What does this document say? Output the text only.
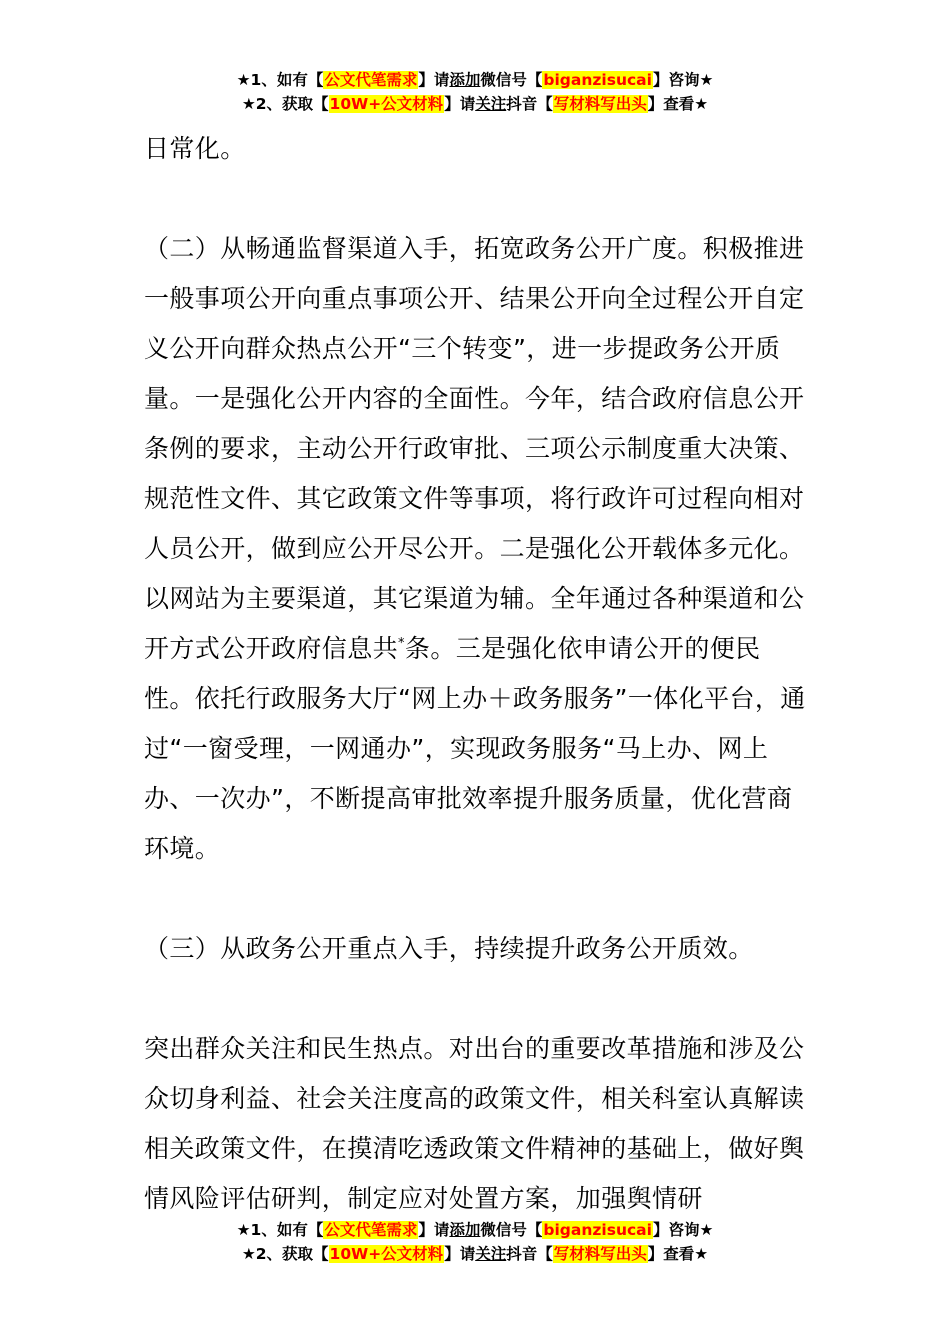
★1、如有【公文代笔需求】请添加微信号【biganzisucai】咨询★
★2、获取【10W+公文材料】请关注抖音【写材料写出头】查看★

日常化。

（二）从畅通监督渠道入手，拓宽政务公开广度。积极推进一般事项公开向重点事项公开、结果公开向全过程公开自定义公开向群众热点公开“三个转变”，进一步提政务公开质量。一是强化公开内容的全面性。今年，结合政府信息公开条例的要求，主动公开行政审批、三项公示制度重大决策、规范性文件、其它政策文件等事项，将行政许可过程向相对人员公开，做到应公开尽公开。二是强化公开载体多元化。以网站为主要渠道，其它渠道为辅。全年通过各种渠道和公开方式公开政府信息共*条。三是强化依申请公开的便民性。依托行政服务大厅“网上办＋政务服务”一体化平台，通过“一窗受理，一网通办”，实现政务服务“马上办、网上办、一次办”，不断提高审批效率提升服务质量，优化营商环境。

（三）从政务公开重点入手，持续提升政务公开质效。

突出群众关注和民生热点。对出台的重要改革措施和涉及公众切身利益、社会关注度高的政策文件，相关科室认真解读相关政策文件，在摸清吃透政策文件精神的基础上，做好舆情风险评估研判，制定应对处置方案，加强舆情研

★1、如有【公文代笔需求】请添加微信号【biganzisucai】咨询★
★2、获取【10W+公文材料】请关注抖音【写材料写出头】查看★
